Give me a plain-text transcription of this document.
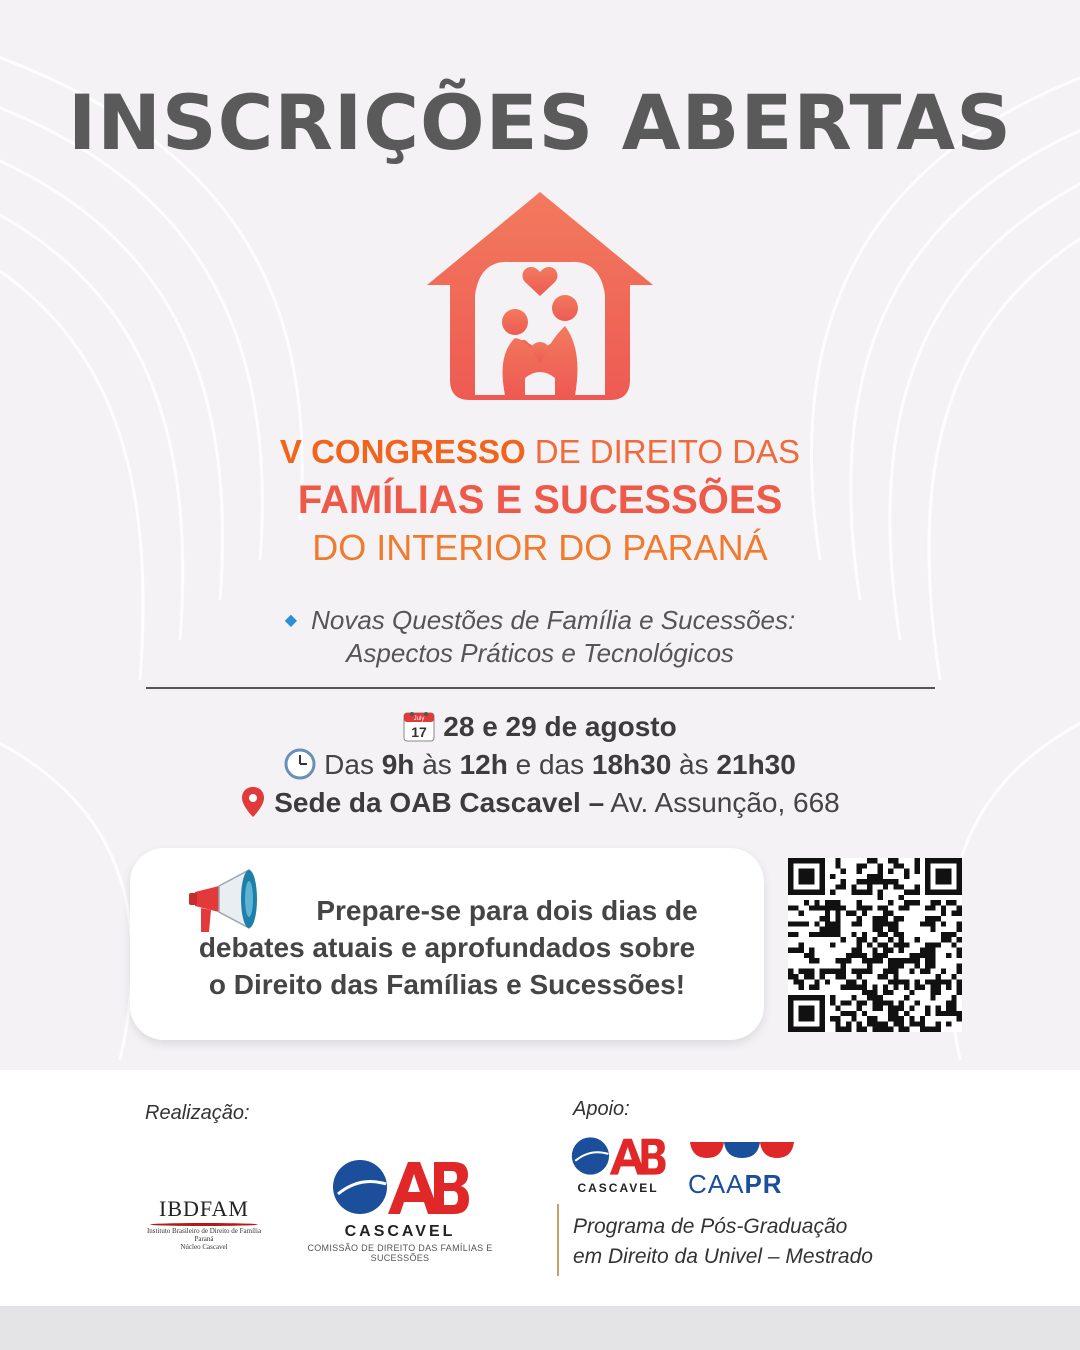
INSCRIÇÕES ABERTAS
V CONGRESSO DE DIREITO DAS
FAMÍLIAS E SUCESSÕES
DO INTERIOR DO PARANÁ
◆ Novas Questões de Família e Sucessões:
Aspectos Práticos e Tecnológicos
July
17 28 e 29 de agosto
Das 9h às 12h e das 18h30 às 21h30
Sede da OAB Cascavel – Av. Assunção, 668
Prepare-se para dois dias de
debates atuais e aprofundados sobre
o Direito das Famílias e Sucessões!
Realização:	Apoio:
IBDFAM
Instituto Brasileiro de Direito de Família
Paraná
Núcleo Cascavel
CASCAVEL
COMISSÃO DE DIREITO DAS FAMÍLIAS E SUCESSÕES
CASCAVEL	CAAPR
Programa de Pós-Graduação
em Direito da Univel – Mestrado
